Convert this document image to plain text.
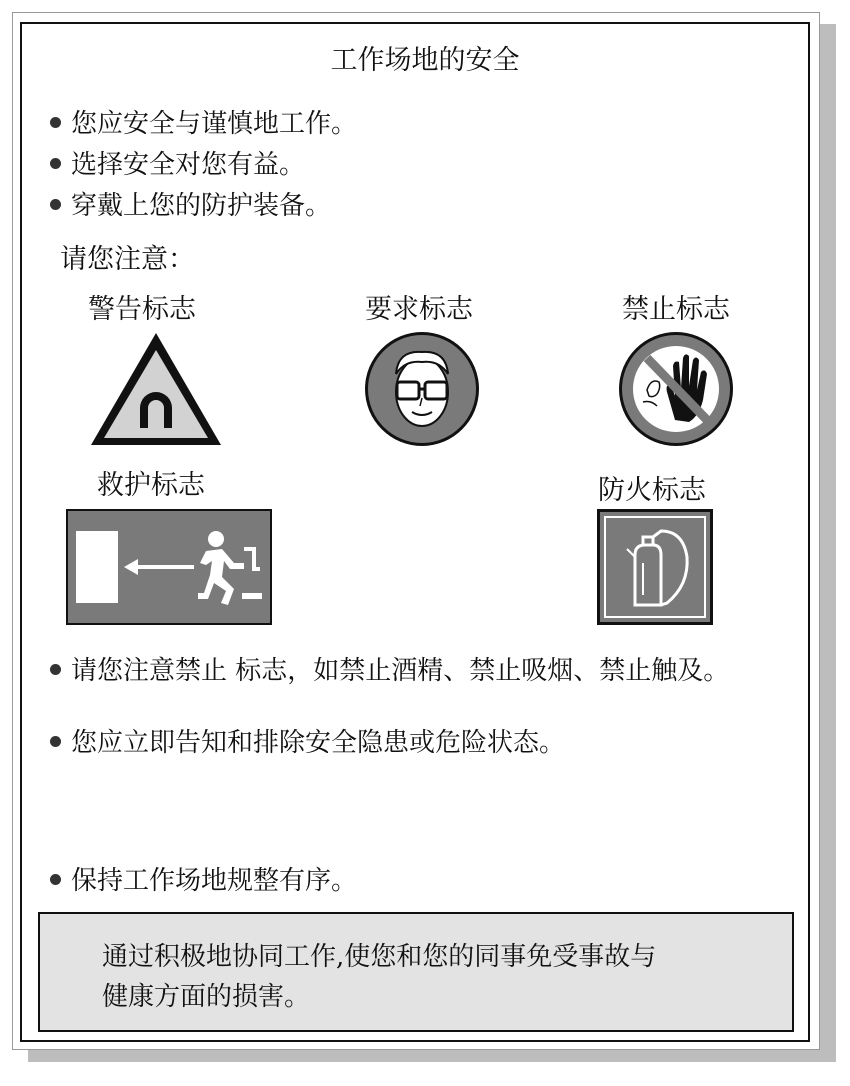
工作场地的安全
您应安全与谨慎地工作。
选择安全对您有益。
穿戴上您的防护装备。
请您注意：
警告标志	要求标志	禁止标志
救护标志	防火标志
请您注意禁止 标志，如禁止酒精、禁止吸烟、禁止触及。
您应立即告知和排除安全隐患或危险状态。
保持工作场地规整有序。
通过积极地协同工作,使您和您的同事免受事故与
健康方面的损害。
